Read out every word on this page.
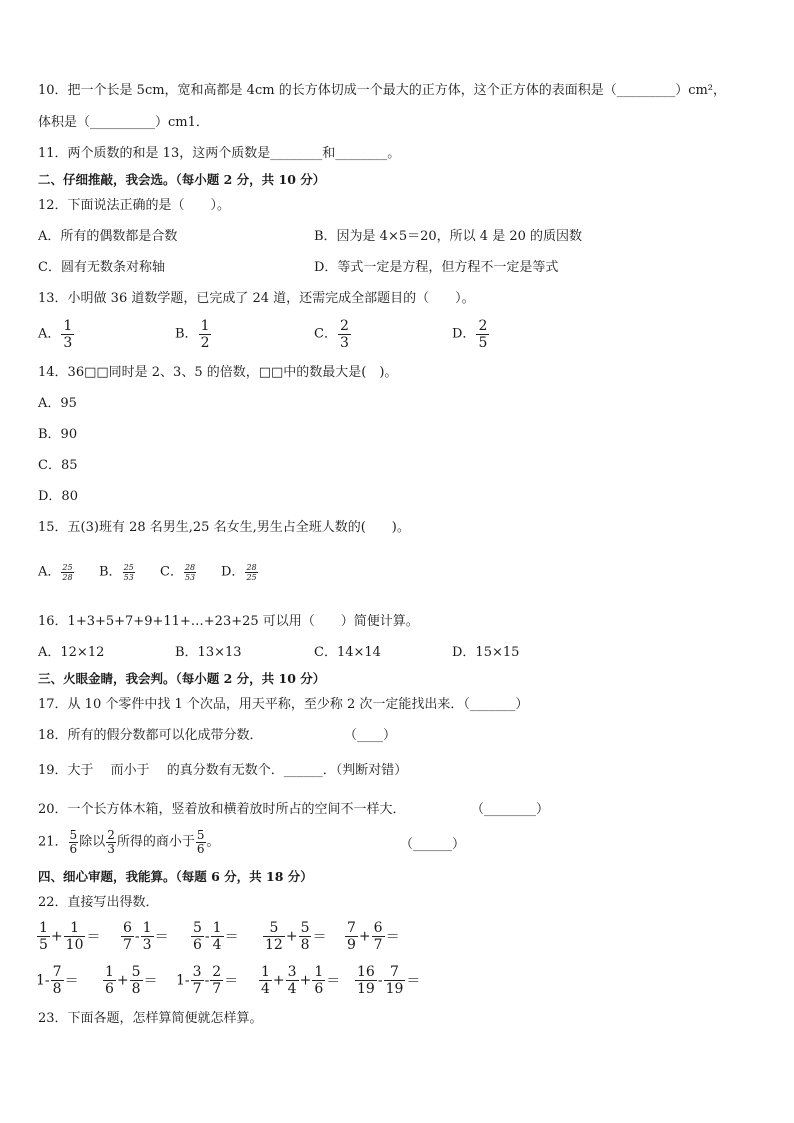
10．把一个长是 5cm，宽和高都是 4cm 的长方体切成一个最大的正方体，这个正方体的表面积是（_________）cm²，
体积是（__________）cm1．
11．两个质数的和是 13，这两个质数是________和________。
二、仔细推敲，我会选。（每小题 2 分，共 10 分）
12．下面说法正确的是（　　）。
A．所有的偶数都是合数	B．因为是 4×5＝20，所以 4 是 20 的质因数
C．圆有无数条对称轴	D．等式一定是方程，但方程不一定是等式
13．小明做 36 道数学题，已完成了 24 道，还需完成全部题目的（　　）。
A． $\frac{1}{3}$	B． $\frac{1}{2}$	C． $\frac{2}{3}$	D． $\frac{2}{5}$
14．36□□同时是 2、3、5 的倍数，□□中的数最大是(　)。
A．95
B．90
C．85
D．80
15．五(3)班有 28 名男生,25 名女生,男生占全班人数的(　　)。
A． $\frac{25}{28}$ B． $\frac{25}{53}$ C． $\frac{28}{53}$ D． $\frac{28}{25}$
16．1+3+5+7+9+11+…+23+25 可以用（　　）简便计算。
A．12×12	B．13×13	C．14×14	D．15×15
三、火眼金睛，我会判。（每小题 2 分，共 10 分）
17．从 10 个零件中找 1 个次品，用天平称，至少称 2 次一定能找出来．（_______）
18．所有的假分数都可以化成带分数．	（____）
19．大于　 而小于　 的真分数有无数个．______．（判断对错）
20．一个长方体木箱，竖着放和横着放时所占的空间不一样大．	（________）
21． $\frac{5}{6}$ 除以 $\frac{2}{3}$ 所得的商小于 $\frac{5}{6}$ 。	（______）
四、细心审题，我能算。（每题 6 分，共 18 分）
22．直接写出得数．
$\frac{1}{5} + \frac{1}{10} = \frac{6}{7} - \frac{1}{3} = \frac{5}{6} - \frac{1}{4} = \frac{5}{12} + \frac{5}{8} = \frac{7}{9} + \frac{6}{7}$ ＝
$1- \frac{7}{8} = \frac{1}{6} + \frac{5}{8} = 1- \frac{3}{7} - \frac{2}{7} = \frac{1}{4} + \frac{3}{4} + \frac{1}{6} = \frac{16}{19} - \frac{7}{19}$ ＝
23．下面各题，怎样算简便就怎样算。
